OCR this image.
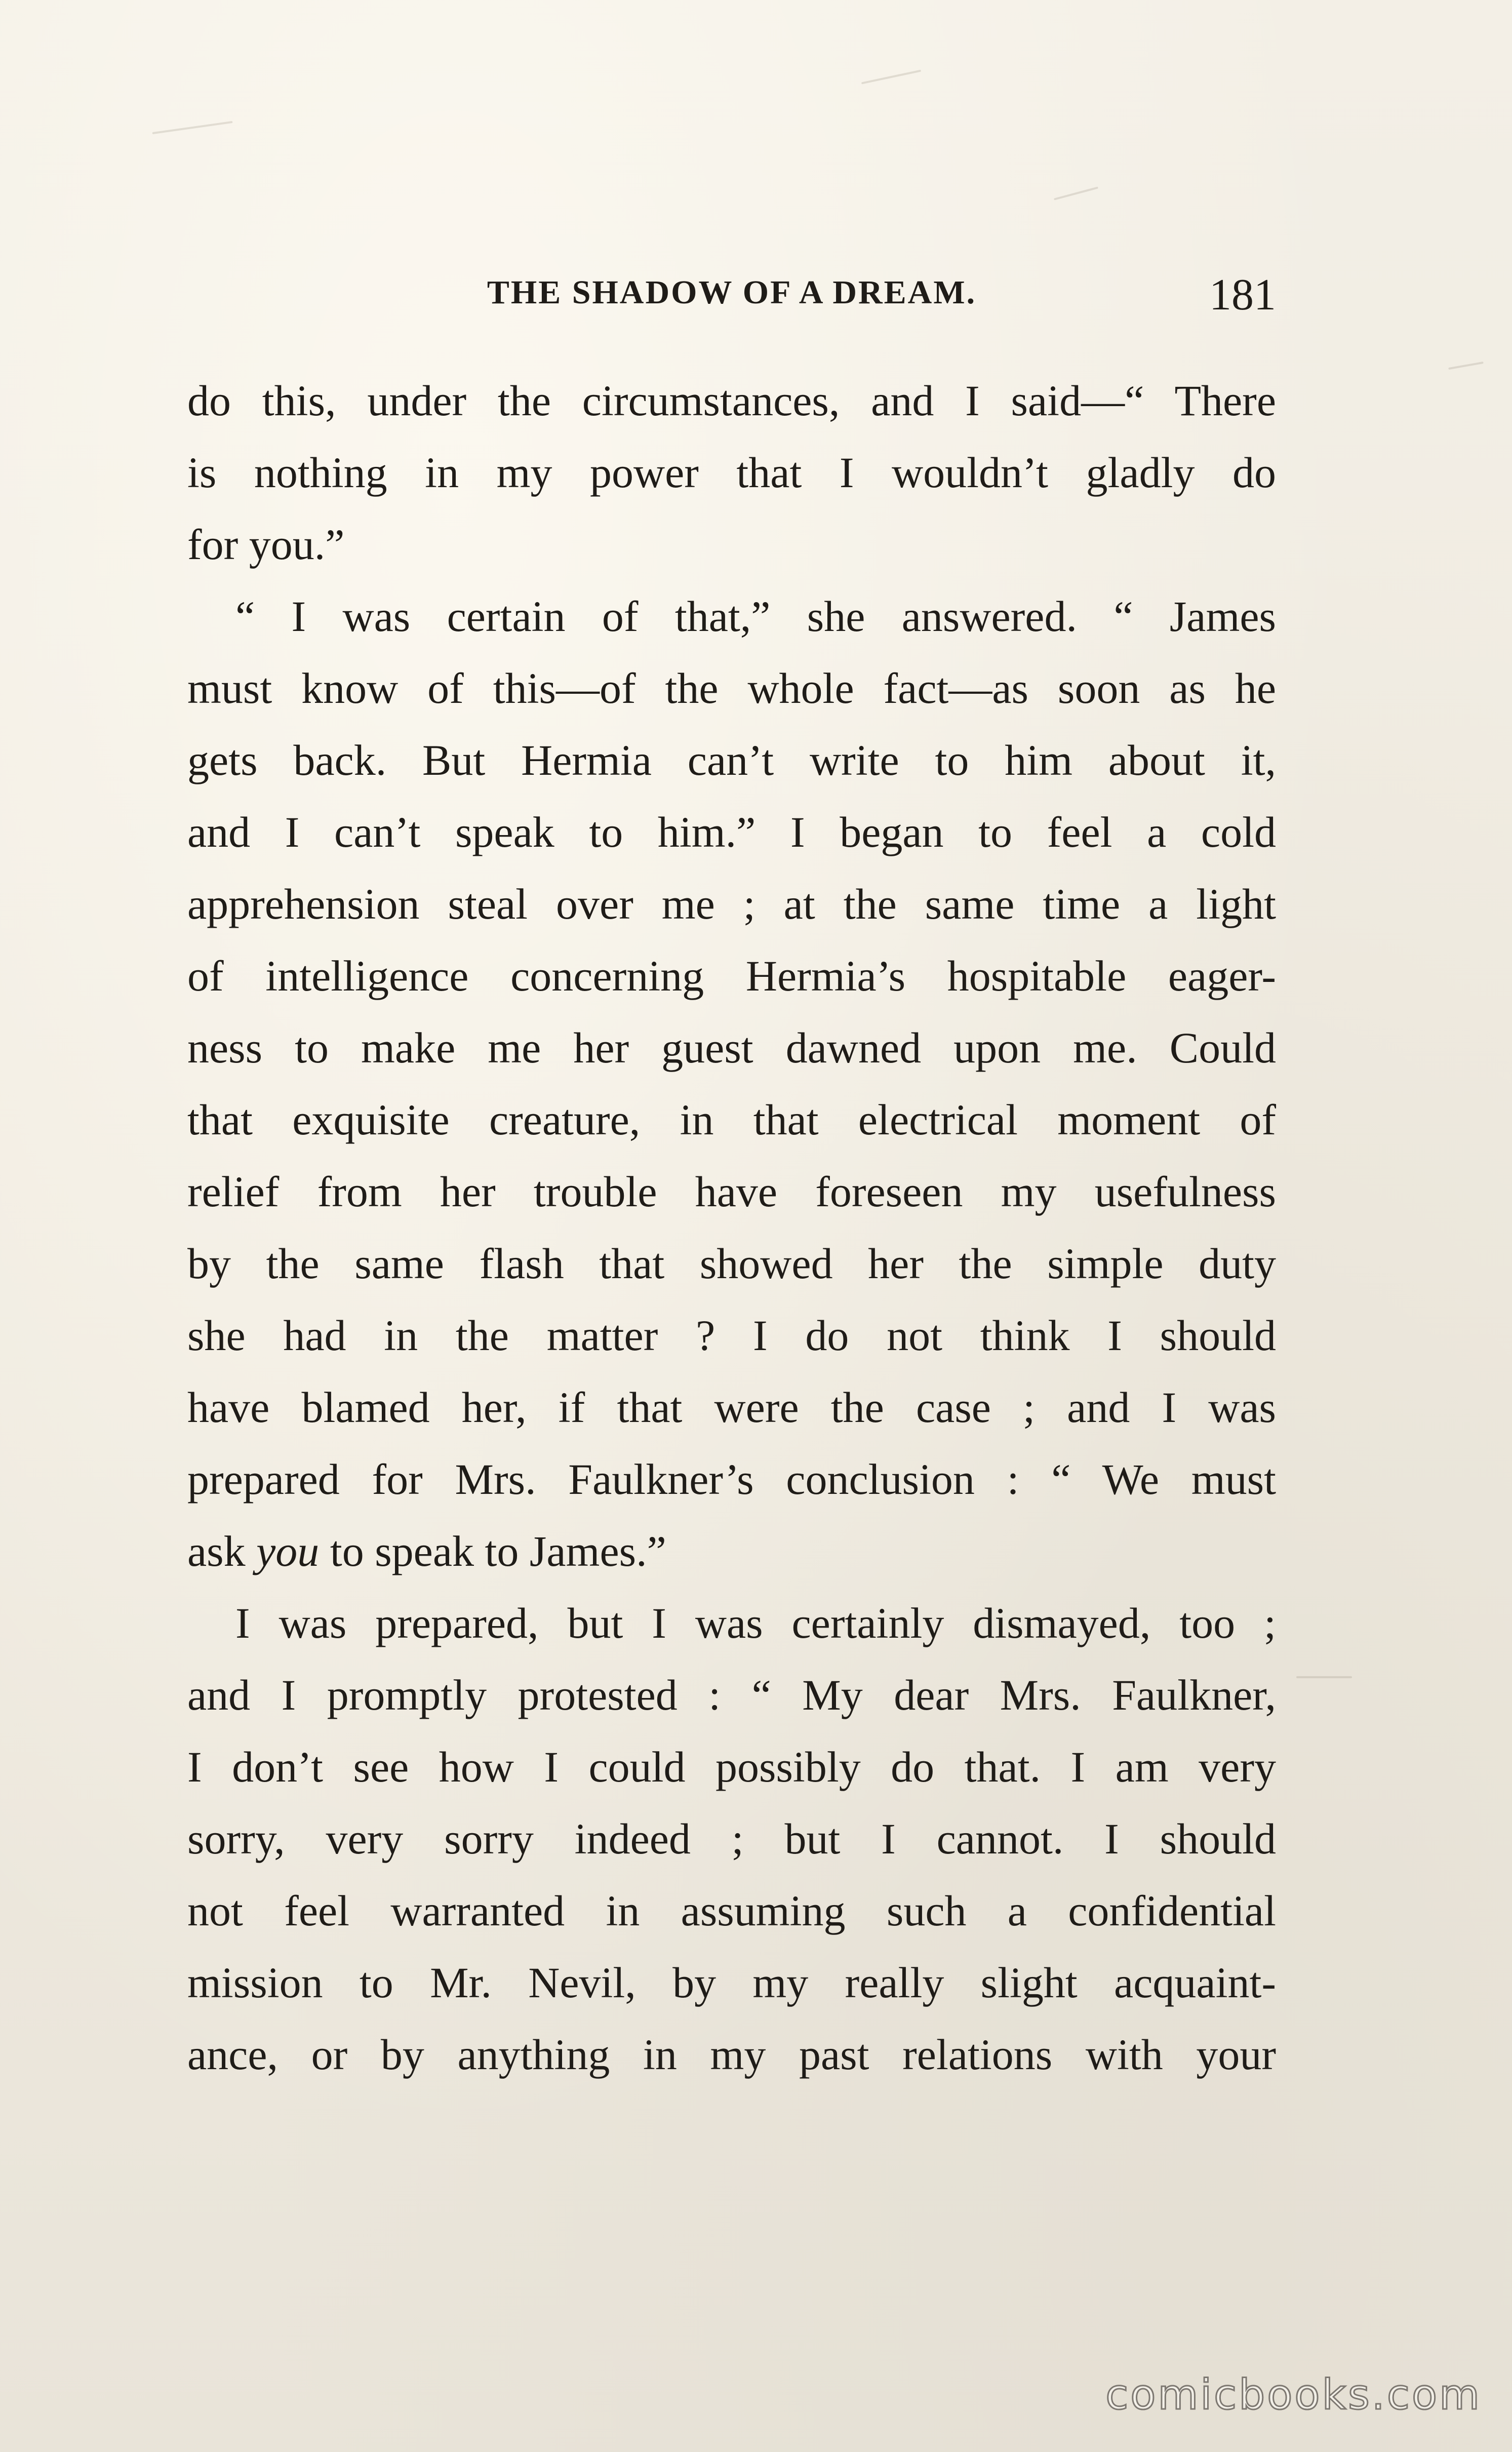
THE SHADOW OF A DREAM.	181
do this, under the circumstances, and I said—“ There
is nothing in my power that I wouldn’t gladly do
for you.”
“ I was certain of that,” she answered. “ James
must know of this—of the whole fact—as soon as he
gets back. But Hermia can’t write to him about it,
and I can’t speak to him.” I began to feel a cold
apprehension steal over me ; at the same time a light
of intelligence concerning Hermia’s hospitable eager-
ness to make me her guest dawned upon me. Could
that exquisite creature, in that electrical moment of
relief from her trouble have foreseen my usefulness
by the same flash that showed her the simple duty
she had in the matter ? I do not think I should
have blamed her, if that were the case ; and I was
prepared for Mrs. Faulkner’s conclusion : “ We must
ask you to speak to James.”
I was prepared, but I was certainly dismayed, too ;
and I promptly protested : “ My dear Mrs. Faulkner,
I don’t see how I could possibly do that. I am very
sorry, very sorry indeed ; but I cannot. I should
not feel warranted in assuming such a confidential
mission to Mr. Nevil, by my really slight acquaint-
ance, or by anything in my past relations with your
comicbooks.com
